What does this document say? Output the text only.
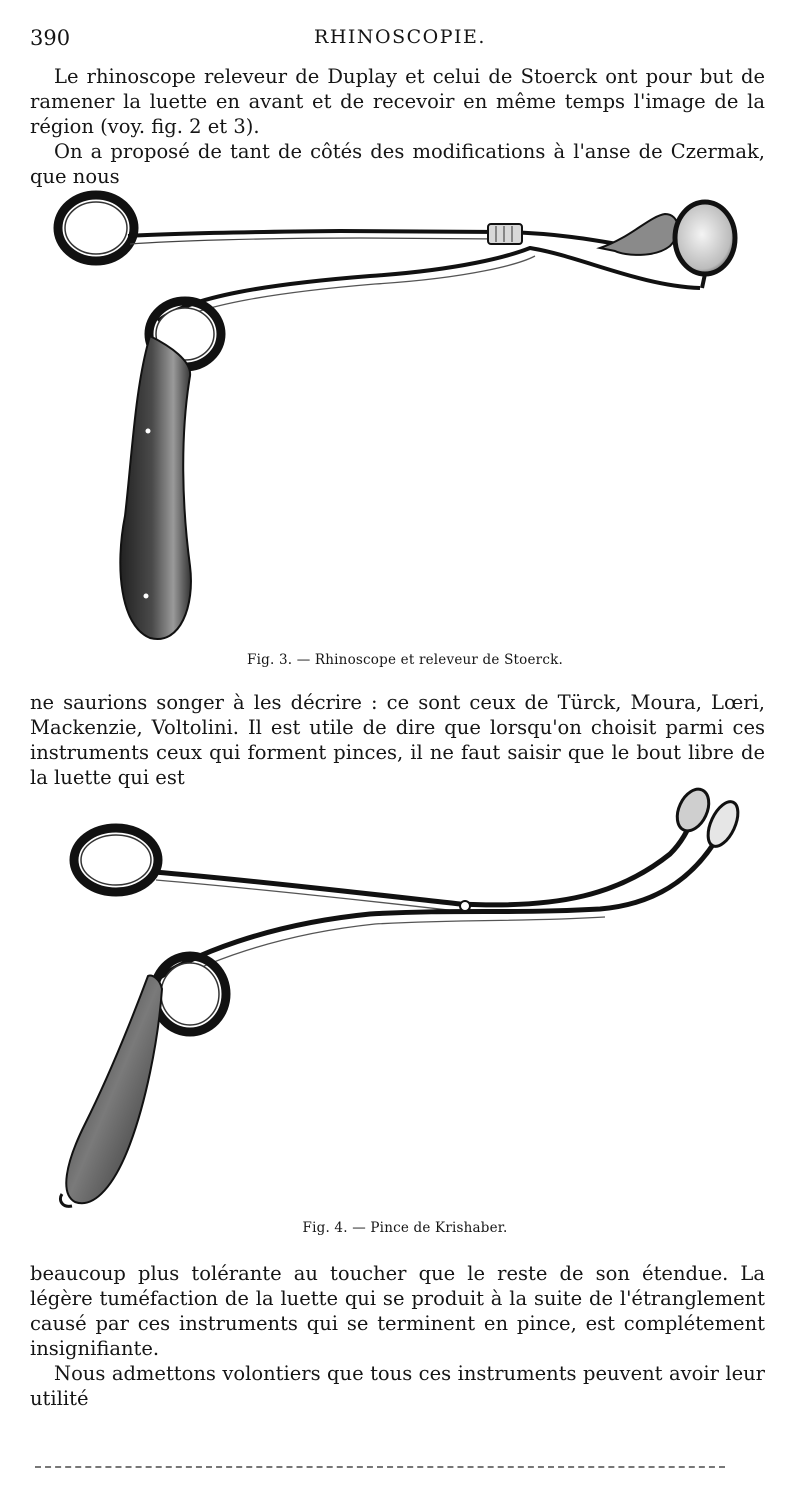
390	RHINOSCOPIE.

Le rhinoscope releveur de Duplay et celui de Stoerck ont pour but de ramener la luette en avant et de recevoir en même temps l'image de la région (voy. fig. 2 et 3).

On a proposé de tant de côtés des modifications à l'anse de Czermak, que nous

Fig. 3. — Rhinoscope et releveur de Stoerck.

ne saurions songer à les décrire : ce sont ceux de Türck, Moura, Lœri, Mackenzie, Voltolini. Il est utile de dire que lorsqu'on choisit parmi ces instruments ceux qui forment pinces, il ne faut saisir que le bout libre de la luette qui est

Fig. 4. — Pince de Krishaber.

beaucoup plus tolérante au toucher que le reste de son étendue. La légère tuméfaction de la luette qui se produit à la suite de l'étranglement causé par ces instruments qui se terminent en pince, est complétement insignifiante.

Nous admettons volontiers que tous ces instruments peuvent avoir leur utilité
